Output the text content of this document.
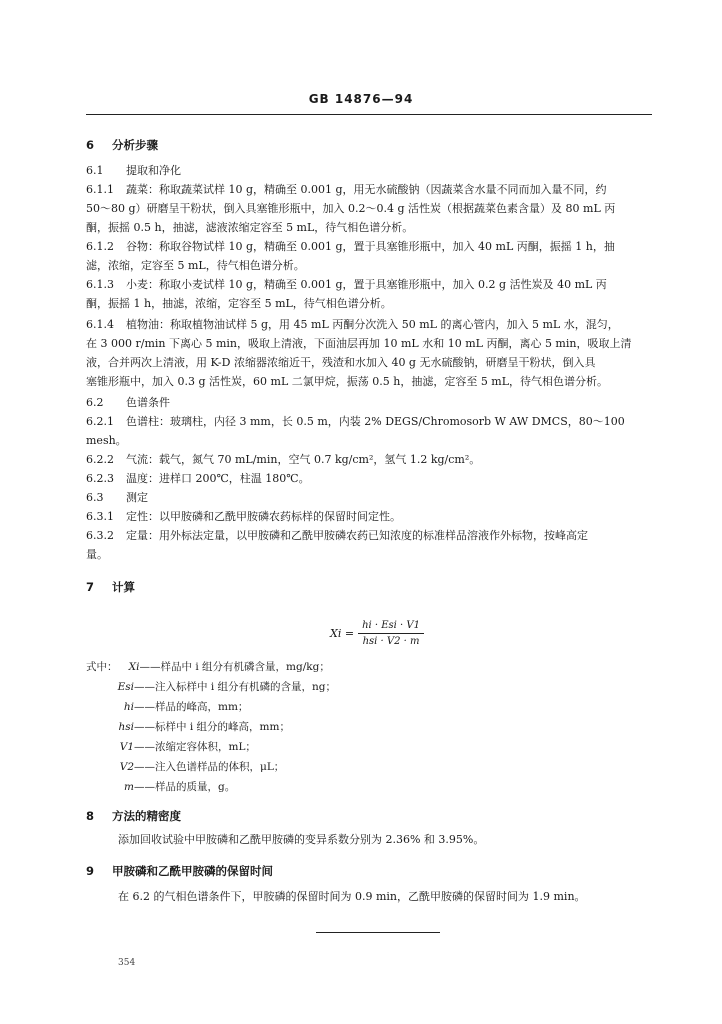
GB 14876—94
6 分析步骤
6.1 提取和净化
6.1.1 蔬菜：称取蔬菜试样 10 g，精确至 0.001 g，用无水硫酸钠（因蔬菜含水量不同而加入量不同，约
50～80 g）研磨呈干粉状，倒入具塞锥形瓶中，加入 0.2～0.4 g 活性炭（根据蔬菜色素含量）及 80 mL 丙
酮，振摇 0.5 h，抽滤，滤液浓缩定容至 5 mL，待气相色谱分析。
6.1.2 谷物：称取谷物试样 10 g，精确至 0.001 g，置于具塞锥形瓶中，加入 40 mL 丙酮，振摇 1 h，抽
滤，浓缩，定容至 5 mL，待气相色谱分析。
6.1.3 小麦：称取小麦试样 10 g，精确至 0.001 g，置于具塞锥形瓶中，加入 0.2 g 活性炭及 40 mL 丙
酮，振摇 1 h，抽滤，浓缩，定容至 5 mL，待气相色谱分析。
6.1.4 植物油：称取植物油试样 5 g，用 45 mL 丙酮分次洗入 50 mL 的离心管内，加入 5 mL 水，混匀，
在 3 000 r/min 下离心 5 min，吸取上清液，下面油层再加 10 mL 水和 10 mL 丙酮，离心 5 min，吸取上清
液，合并两次上清液，用 K-D 浓缩器浓缩近干，残渣和水加入 40 g 无水硫酸钠，研磨呈干粉状，倒入具
塞锥形瓶中，加入 0.3 g 活性炭，60 mL 二氯甲烷，振荡 0.5 h，抽滤，定容至 5 mL，待气相色谱分析。
6.2 色谱条件
6.2.1 色谱柱：玻璃柱，内径 3 mm，长 0.5 m，内装 2% DEGS/Chromosorb W AW DMCS，80～100
mesh。
6.2.2 气流：载气，氮气 70 mL/min，空气 0.7 kg/cm²，氢气 1.2 kg/cm²。
6.2.3 温度：进样口 200℃，柱温 180℃。
6.3 测定
6.3.1 定性：以甲胺磷和乙酰甲胺磷农药标样的保留时间定性。
6.3.2 定量：用外标法定量，以甲胺磷和乙酰甲胺磷农药已知浓度的标准样品溶液作外标物，按峰高定
量。
7 计算
$Xi = \frac{\text{hi · Esi · V1}}{\text{hsi · V2 · m}}$
式中： Xi——样品中 i 组分有机磷含量，mg/kg；
Esi——注入标样中 i 组分有机磷的含量，ng；
hi——样品的峰高，mm；
hsi——标样中 i 组分的峰高，mm；
V1——浓缩定容体积，mL；
V2——注入色谱样品的体积，μL；
m——样品的质量，g。
8 方法的精密度
添加回收试验中甲胺磷和乙酰甲胺磷的变异系数分别为 2.36% 和 3.95%。
9 甲胺磷和乙酰甲胺磷的保留时间
在 6.2 的气相色谱条件下，甲胺磷的保留时间为 0.9 min，乙酰甲胺磷的保留时间为 1.9 min。
354
